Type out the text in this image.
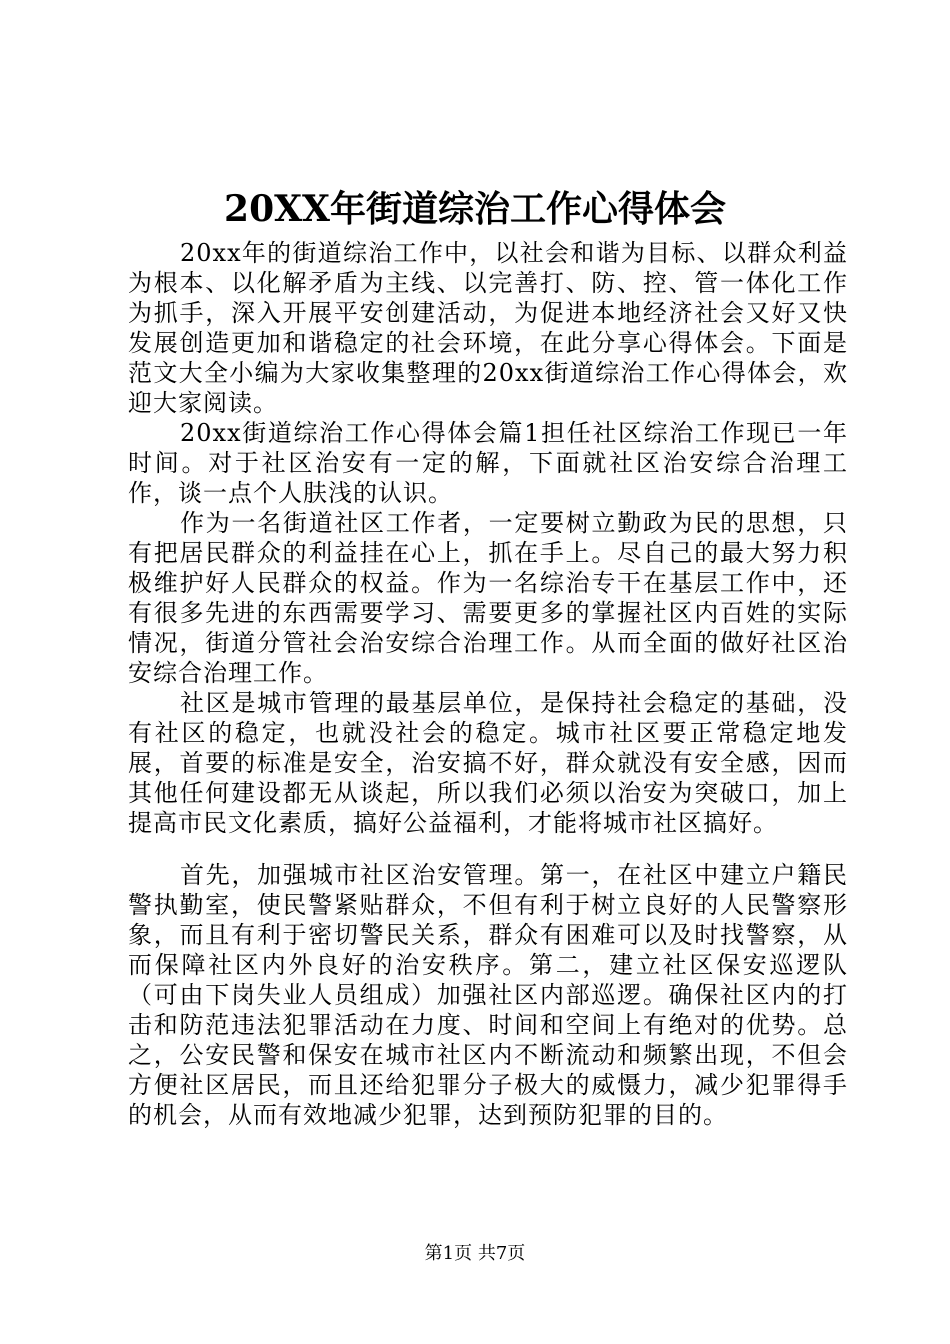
20XX年街道综治工作心得体会

20xx年的街道综治工作中，以社会和谐为目标、以群众利益为根本、以化解矛盾为主线、以完善打、防、控、管一体化工作为抓手，深入开展平安创建活动，为促进本地经济社会又好又快发展创造更加和谐稳定的社会环境，在此分享心得体会。下面是范文大全小编为大家收集整理的20xx街道综治工作心得体会，欢迎大家阅读。

20xx街道综治工作心得体会篇1担任社区综治工作现已一年时间。对于社区治安有一定的解，下面就社区治安综合治理工作，谈一点个人肤浅的认识。

作为一名街道社区工作者，一定要树立勤政为民的思想，只有把居民群众的利益挂在心上，抓在手上。尽自己的最大努力积极维护好人民群众的权益。作为一名综治专干在基层工作中，还有很多先进的东西需要学习、需要更多的掌握社区内百姓的实际情况，街道分管社会治安综合治理工作。从而全面的做好社区治安综合治理工作。

社区是城市管理的最基层单位，是保持社会稳定的基础，没有社区的稳定，也就没社会的稳定。城市社区要正常稳定地发展，首要的标准是安全，治安搞不好，群众就没有安全感，因而其他任何建设都无从谈起，所以我们必须以治安为突破口，加上提高市民文化素质，搞好公益福利，才能将城市社区搞好。

首先，加强城市社区治安管理。第一，在社区中建立户籍民警执勤室，使民警紧贴群众，不但有利于树立良好的人民警察形象，而且有利于密切警民关系，群众有困难可以及时找警察，从而保障社区内外良好的治安秩序。第二，建立社区保安巡逻队（可由下岗失业人员组成）加强社区内部巡逻。确保社区内的打击和防范违法犯罪活动在力度、时间和空间上有绝对的优势。总之，公安民警和保安在城市社区内不断流动和频繁出现，不但会方便社区居民，而且还给犯罪分子极大的威慑力，减少犯罪得手的机会，从而有效地减少犯罪，达到预防犯罪的目的。

第1页 共7页
